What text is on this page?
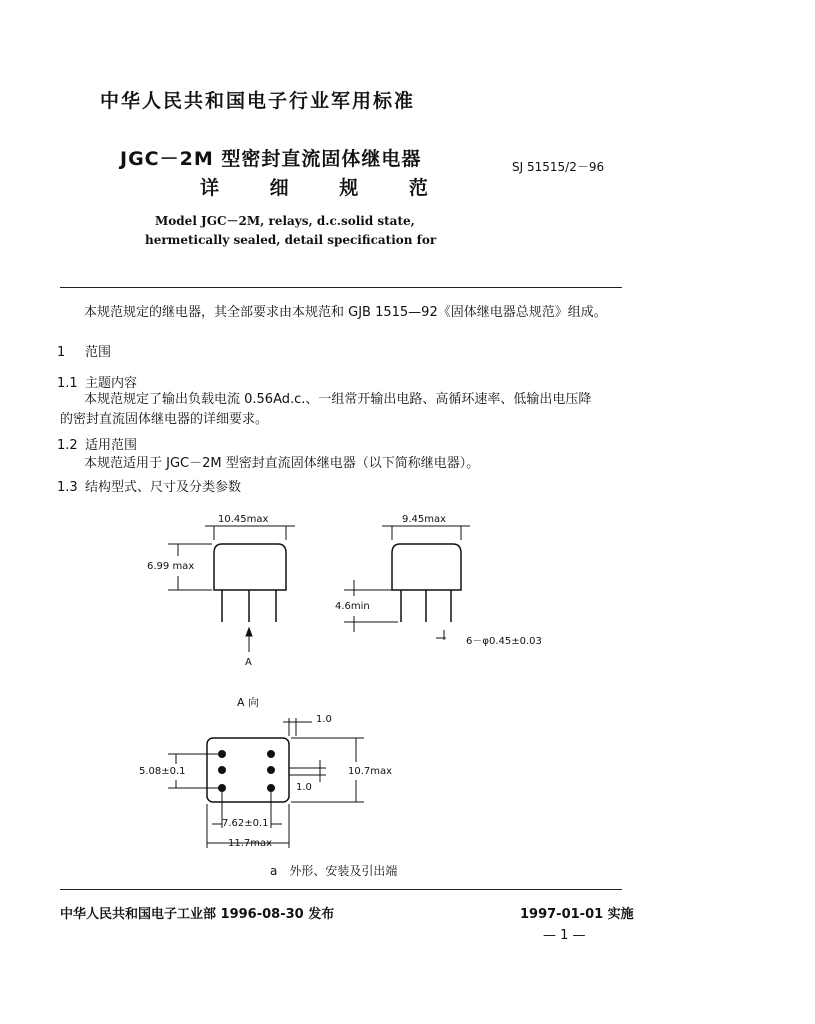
中华人民共和国电子行业军用标准
JGC－2M 型密封直流固体继电器
详 细 规 范
SJ 51515/2－96
Model JGC－2M, relays, d.c.solid state,
hermetically sealed, detail specification for
本规范规定的继电器，其全部要求由本规范和 GJB 1515—92《固体继电器总规范》组成。
1 范围
1.1 主题内容
本规范规定了输出负载电流 0.56Ad.c.、一组常开输出电路、高循环速率、低输出电压降
的密封直流固体继电器的详细要求。
1.2 适用范围
本规范适用于 JGC－2M 型密封直流固体继电器（以下简称继电器）。
1.3 结构型式、尺寸及分类参数
10.45max
6.99 max
A
9.45max
4.6min
6－φ0.45±0.03
A 向
1.0
5.08±0.1
1.0
10.7max
7.62±0.1
11.7max
a　外形、安装及引出端
中华人民共和国电子工业部 1996-08-30 发布	1997-01-01 实施
— 1 —
